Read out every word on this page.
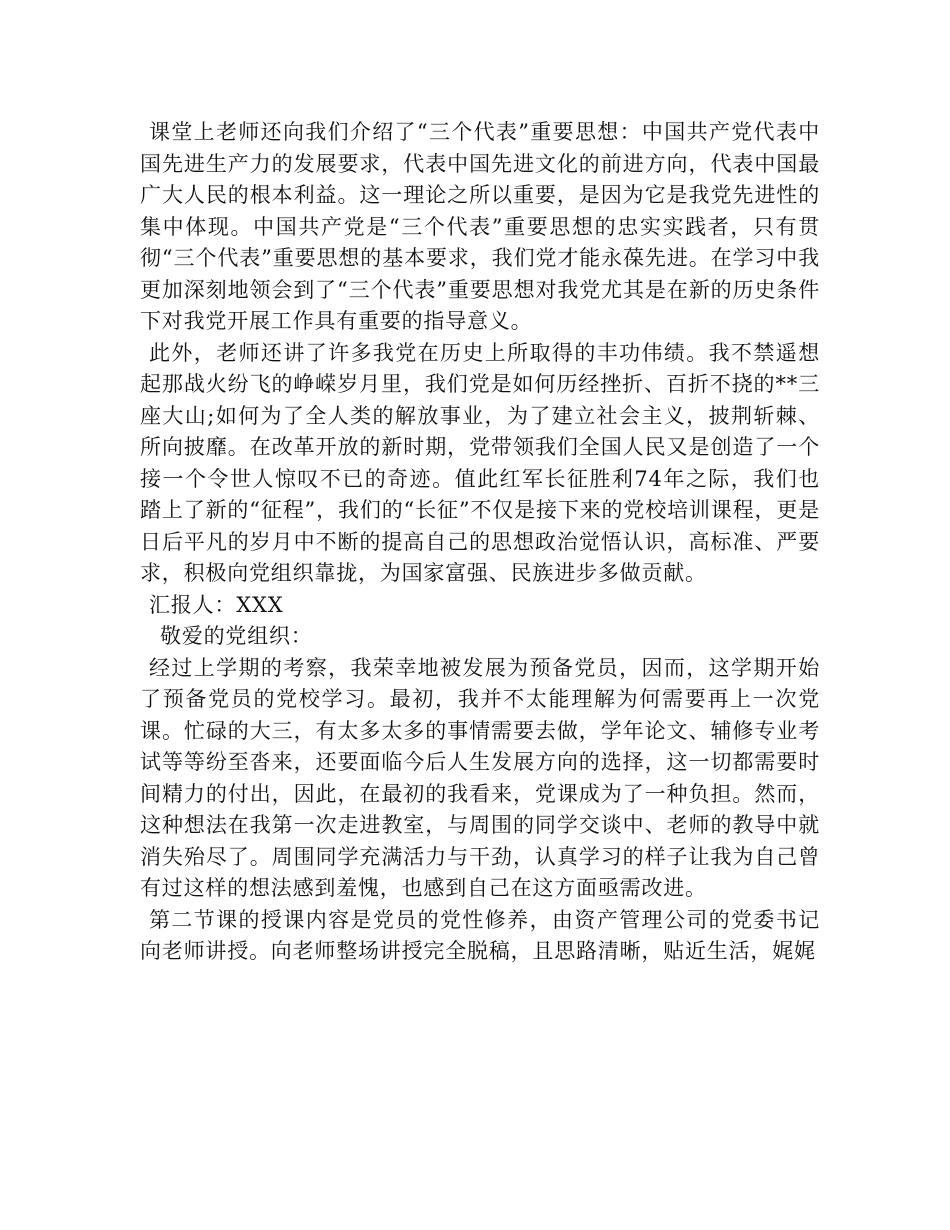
课堂上老师还向我们介绍了“三个代表”重要思想：中国共产党代表中国先进生产力的发展要求，代表中国先进文化的前进方向，代表中国最广大人民的根本利益。这一理论之所以重要，是因为它是我党先进性的集中体现。中国共产党是“三个代表”重要思想的忠实实践者，只有贯彻“三个代表”重要思想的基本要求，我们党才能永葆先进。在学习中我更加深刻地领会到了“三个代表”重要思想对我党尤其是在新的历史条件下对我党开展工作具有重要的指导意义。

此外，老师还讲了许多我党在历史上所取得的丰功伟绩。我不禁遥想起那战火纷飞的峥嵘岁月里，我们党是如何历经挫折、百折不挠的**三座大山;如何为了全人类的解放事业，为了建立社会主义，披荆斩棘、所向披靡。在改革开放的新时期，党带领我们全国人民又是创造了一个接一个令世人惊叹不已的奇迹。值此红军长征胜利74年之际，我们也踏上了新的“征程”，我们的“长征”不仅是接下来的党校培训课程，更是日后平凡的岁月中不断的提高自己的思想政治觉悟认识，高标准、严要求，积极向党组织靠拢，为国家富强、民族进步多做贡献。

汇报人：XXX

敬爱的党组织：

经过上学期的考察，我荣幸地被发展为预备党员，因而，这学期开始了预备党员的党校学习。最初，我并不太能理解为何需要再上一次党课。忙碌的大三，有太多太多的事情需要去做，学年论文、辅修专业考试等等纷至沓来，还要面临今后人生发展方向的选择，这一切都需要时间精力的付出，因此，在最初的我看来，党课成为了一种负担。然而，这种想法在我第一次走进教室，与周围的同学交谈中、老师的教导中就消失殆尽了。周围同学充满活力与干劲，认真学习的样子让我为自己曾有过这样的想法感到羞愧，也感到自己在这方面亟需改进。

第二节课的授课内容是党员的党性修养，由资产管理公司的党委书记向老师讲授。向老师整场讲授完全脱稿，且思路清晰，贴近生活，娓娓
